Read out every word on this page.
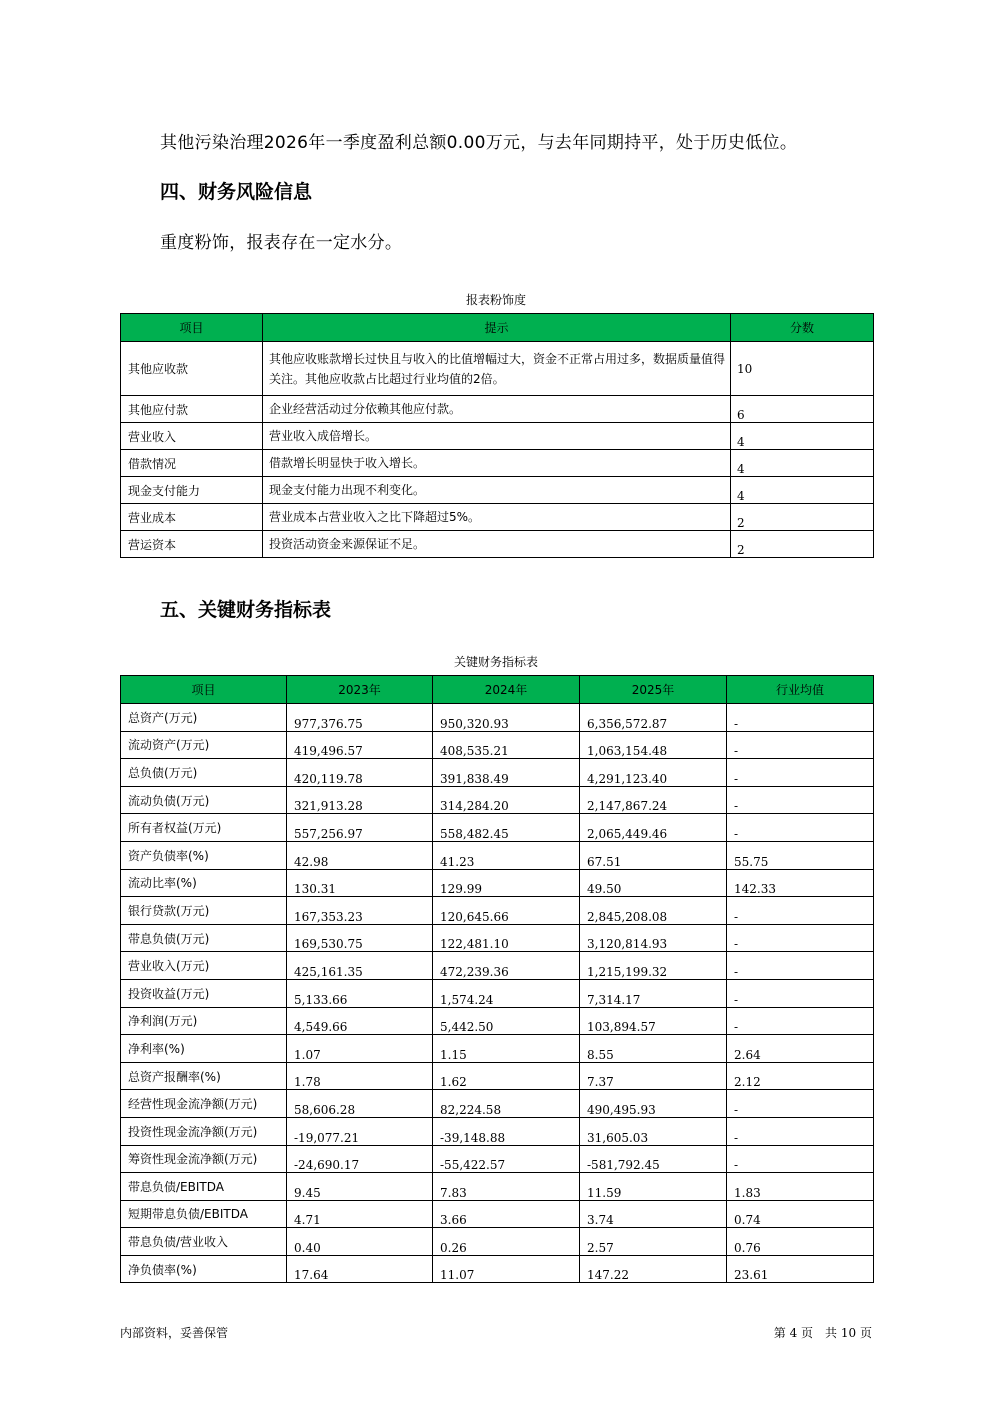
其他污染治理2026年一季度盈利总额0.00万元，与去年同期持平，处于历史低位。
四、财务风险信息
重度粉饰，报表存在一定水分。
报表粉饰度
项目	提示	分数
其他应收款	其他应收账款增长过快且与收入的比值增幅过大，资金不正常占用过多，数据质量值得关注。其他应收款占比超过行业均值的2倍。	10
其他应付款	企业经营活动过分依赖其他应付款。	6
营业收入	营业收入成倍增长。	4
借款情况	借款增长明显快于收入增长。	4
现金支付能力	现金支付能力出现不利变化。	4
营业成本	营业成本占营业收入之比下降超过5%。	2
营运资本	投资活动资金来源保证不足。	2
五、关键财务指标表
关键财务指标表
项目	2023年	2024年	2025年	行业均值
总资产(万元)	977,376.75	950,320.93	6,356,572.87	-
流动资产(万元)	419,496.57	408,535.21	1,063,154.48	-
总负债(万元)	420,119.78	391,838.49	4,291,123.40	-
流动负债(万元)	321,913.28	314,284.20	2,147,867.24	-
所有者权益(万元)	557,256.97	558,482.45	2,065,449.46	-
资产负债率(%)	42.98	41.23	67.51	55.75
流动比率(%)	130.31	129.99	49.50	142.33
银行贷款(万元)	167,353.23	120,645.66	2,845,208.08	-
带息负债(万元)	169,530.75	122,481.10	3,120,814.93	-
营业收入(万元)	425,161.35	472,239.36	1,215,199.32	-
投资收益(万元)	5,133.66	1,574.24	7,314.17	-
净利润(万元)	4,549.66	5,442.50	103,894.57	-
净利率(%)	1.07	1.15	8.55	2.64
总资产报酬率(%)	1.78	1.62	7.37	2.12
经营性现金流净额(万元)	58,606.28	82,224.58	490,495.93	-
投资性现金流净额(万元)	-19,077.21	-39,148.88	31,605.03	-
筹资性现金流净额(万元)	-24,690.17	-55,422.57	-581,792.45	-
带息负债/EBITDA	9.45	7.83	11.59	1.83
短期带息负债/EBITDA	4.71	3.66	3.74	0.74
带息负债/营业收入	0.40	0.26	2.57	0.76
净负债率(%)	17.64	11.07	147.22	23.61
内部资料，妥善保管	第 4 页　共 10 页
